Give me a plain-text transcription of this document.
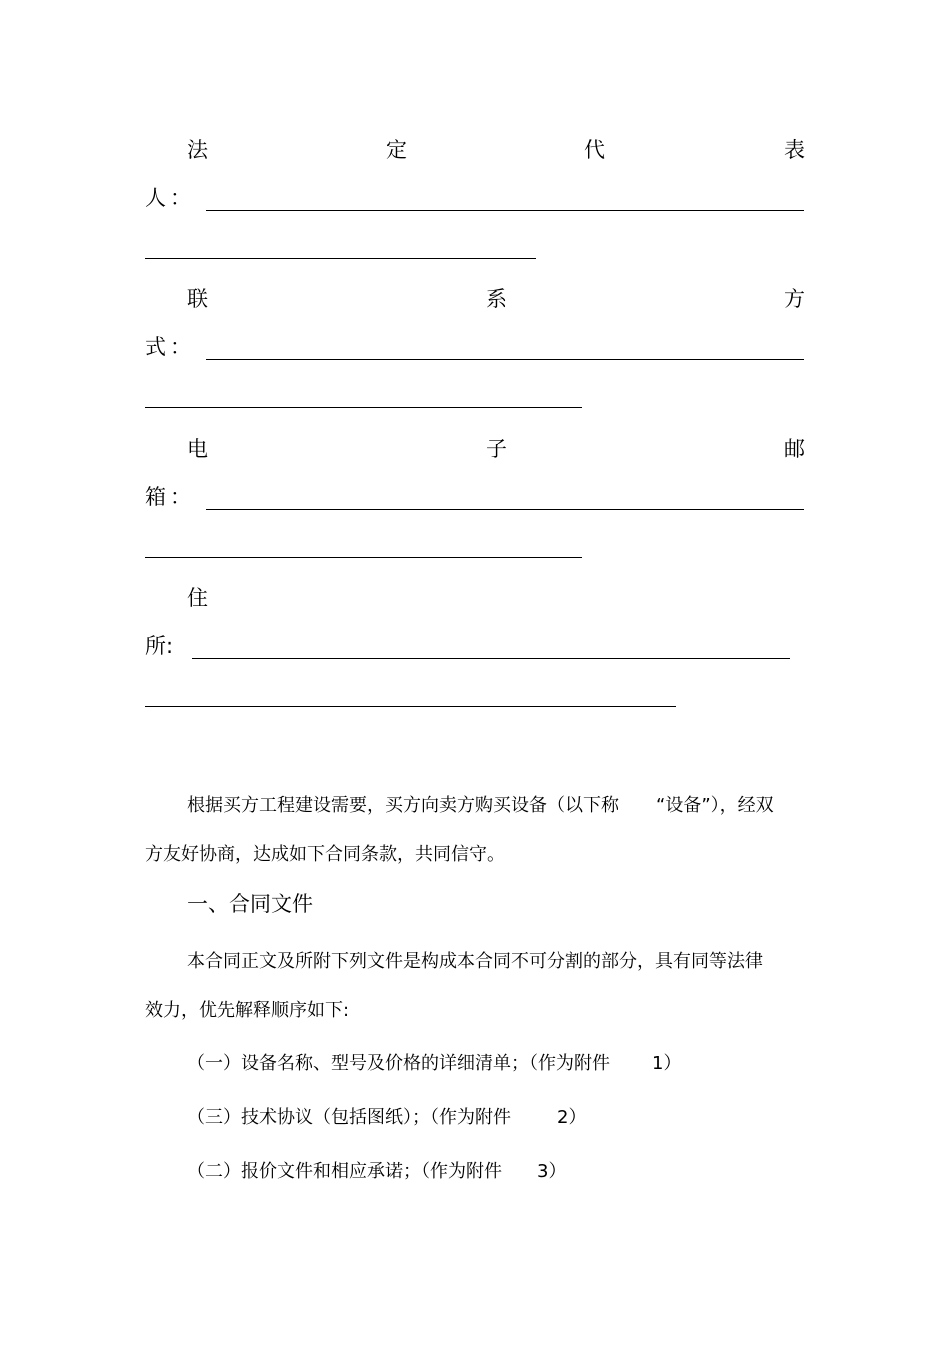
法	定	代	表
人 ：
联	系	方
式 ：
电	子	邮
箱 ：
住
所:
根据买方工程建设需要，买方向卖方购买设备（以下称 “设备”），经双
方友好协商，达成如下合同条款，共同信守。
一、合同文件
本合同正文及所附下列文件是构成本合同不可分割的部分，具有同等法律
效力，优先解释顺序如下:
（一）设备名称、型号及价格的详细清单；（作为附件 1）
（三）技术协议（包括图纸）；（作为附件	2）
（二）报价文件和相应承诺；（作为附件 3）
